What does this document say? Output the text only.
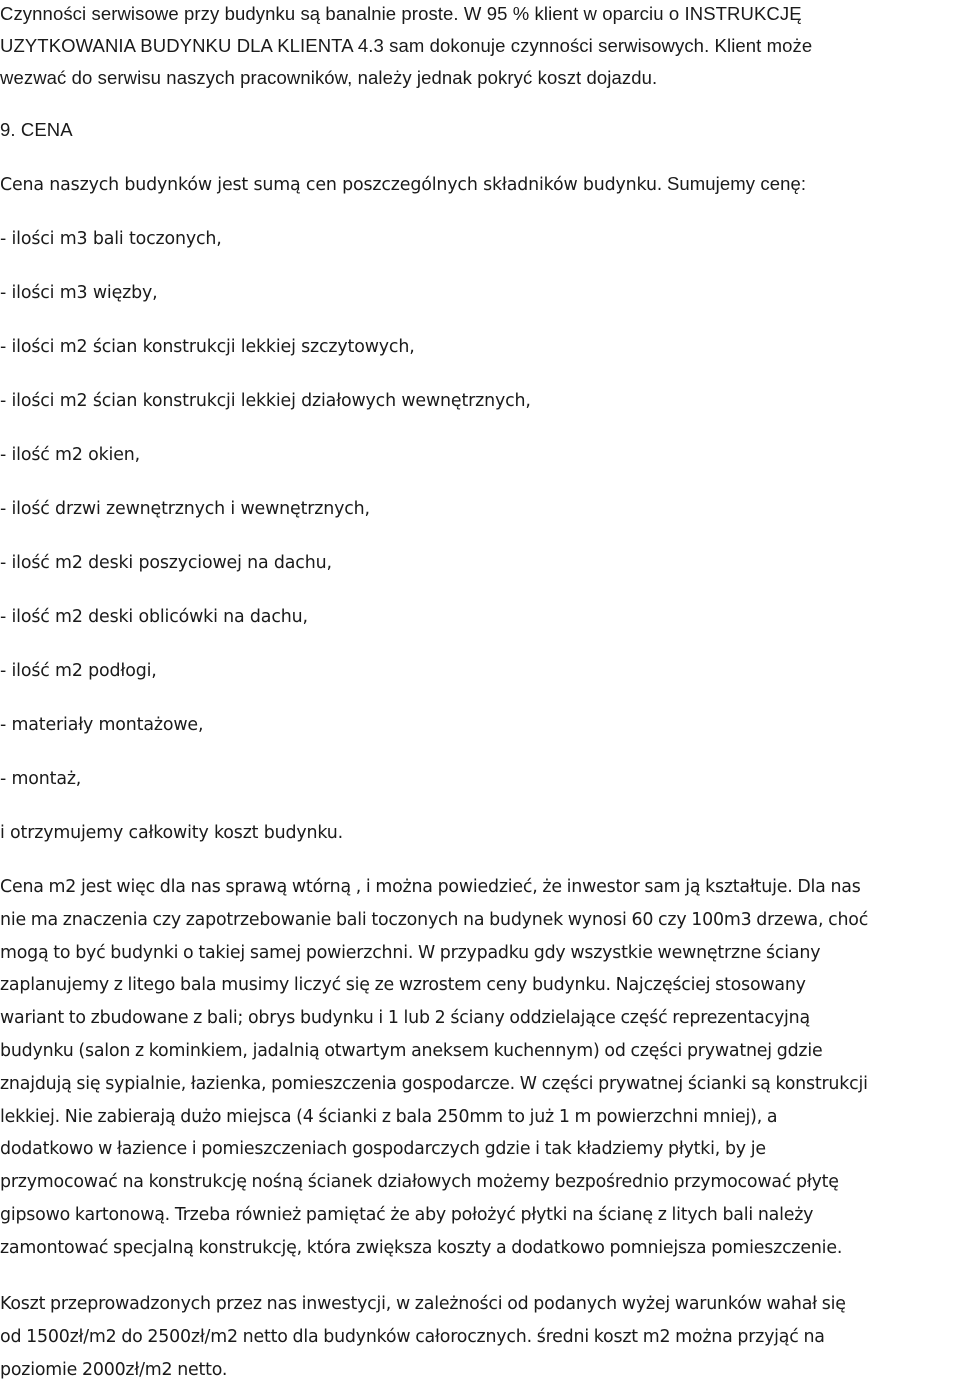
Czynności serwisowe przy budynku są banalnie proste. W 95 % klient w oparciu o INSTRUKCJĘ
UZYTKOWANIA BUDYNKU DLA KLIENTA 4.3 sam dokonuje czynności serwisowych. Klient może
wezwać do serwisu naszych pracowników, należy jednak pokryć koszt dojazdu.
9. CENA
Cena naszych budynków jest sumą cen poszczególnych składników budynku. Sumujemy cenę:
- ilości m3 bali toczonych,
- ilości m3 więzby,
- ilości m2 ścian konstrukcji lekkiej szczytowych,
- ilości m2 ścian konstrukcji lekkiej działowych wewnętrznych,
- ilość m2 okien,
- ilość drzwi zewnętrznych i wewnętrznych,
- ilość m2 deski poszyciowej na dachu,
- ilość m2 deski oblicówki na dachu,
- ilość m2 podłogi,
- materiały montażowe,
- montaż,
i otrzymujemy całkowity koszt budynku.
Cena m2 jest więc dla nas sprawą wtórną , i można powiedzieć, że inwestor sam ją kształtuje. Dla nas
nie ma znaczenia czy zapotrzebowanie bali toczonych na budynek wynosi 60 czy 100m3 drzewa, choć
mogą to być budynki o takiej samej powierzchni. W przypadku gdy wszystkie wewnętrzne ściany
zaplanujemy z litego bala musimy liczyć się ze wzrostem ceny budynku. Najczęściej stosowany
wariant to zbudowane z bali; obrys budynku i 1 lub 2 ściany oddzielające część reprezentacyjną
budynku (salon z kominkiem, jadalnią otwartym aneksem kuchennym) od części prywatnej gdzie
znajdują się sypialnie, łazienka, pomieszczenia gospodarcze. W części prywatnej ścianki są konstrukcji
lekkiej. Nie zabierają dużo miejsca (4 ścianki z bala 250mm to już 1 m powierzchni mniej), a
dodatkowo w łazience i pomieszczeniach gospodarczych gdzie i tak kładziemy płytki, by je
przymocować na konstrukcję nośną ścianek działowych możemy bezpośrednio przymocować płytę
gipsowo kartonową. Trzeba również pamiętać że aby położyć płytki na ścianę z litych bali należy
zamontować specjalną konstrukcję, która zwiększa koszty a dodatkowo pomniejsza pomieszczenie.
Koszt przeprowadzonych przez nas inwestycji, w zależności od podanych wyżej warunków wahał się
od 1500zł/m2 do 2500zł/m2 netto dla budynków całorocznych. średni koszt m2 można przyjąć na
poziomie 2000zł/m2 netto.
